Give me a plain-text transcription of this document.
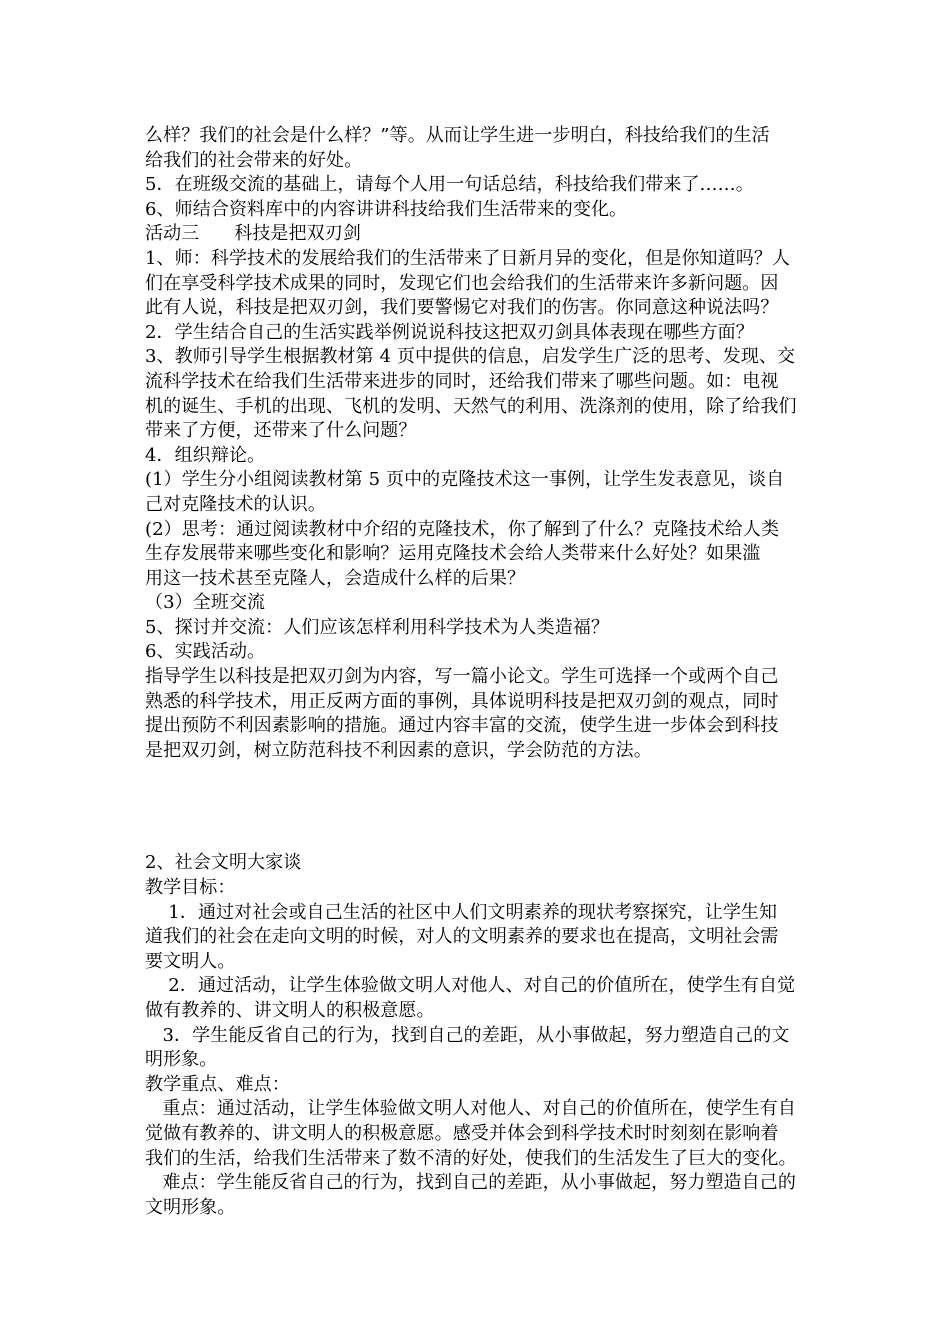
么样？我们的社会是什么样？”等。从而让学生进一步明白，科技给我们的生活
给我们的社会带来的好处。
5．在班级交流的基础上，请每个人用一句话总结，科技给我们带来了……。
6、师结合资料库中的内容讲讲科技给我们生活带来的变化。
活动三      科技是把双刃剑
1、师：科学技术的发展给我们的生活带来了日新月异的变化，但是你知道吗？人
们在享受科学技术成果的同时，发现它们也会给我们的生活带来许多新问题。因
此有人说，科技是把双刃剑，我们要警惕它对我们的伤害。你同意这种说法吗？
2．学生结合自己的生活实践举例说说科技这把双刃剑具体表现在哪些方面？
3、教师引导学生根据教材第 4 页中提供的信息，启发学生广泛的思考、发现、交
流科学技术在给我们生活带来进步的同时，还给我们带来了哪些问题。如：电视
机的诞生、手机的出现、飞机的发明、天然气的利用、洗涤剂的使用，除了给我们
带来了方便，还带来了什么问题？
4．组织辩论。
(1）学生分小组阅读教材第 5 页中的克隆技术这一事例，让学生发表意见，谈自
己对克隆技术的认识。
(2）思考：通过阅读教材中介绍的克隆技术，你了解到了什么？克隆技术给人类
生存发展带来哪些变化和影响？运用克隆技术会给人类带来什么好处？如果滥
用这一技术甚至克隆人，会造成什么样的后果？
（3）全班交流
5、探讨并交流：人们应该怎样利用科学技术为人类造福？
6、实践活动。
指导学生以科技是把双刃剑为内容，写一篇小论文。学生可选择一个或两个自己
熟悉的科学技术，用正反两方面的事例，具体说明科技是把双刃剑的观点，同时
提出预防不利因素影响的措施。通过内容丰富的交流，使学生进一步体会到科技
是把双刃剑，树立防范科技不利因素的意识，学会防范的方法。
2、社会文明大家谈
教学目标：
1．通过对社会或自己生活的社区中人们文明素养的现状考察探究，让学生知
道我们的社会在走向文明的时候，对人的文明素养的要求也在提高，文明社会需
要文明人。
2．通过活动，让学生体验做文明人对他人、对自己的价值所在，使学生有自觉
做有教养的、讲文明人的积极意愿。
3．学生能反省自己的行为，找到自己的差距，从小事做起，努力塑造自己的文
明形象。
教学重点、难点：
重点：通过活动，让学生体验做文明人对他人、对自己的价值所在，使学生有自
觉做有教养的、讲文明人的积极意愿。感受并体会到科学技术时时刻刻在影响着
我们的生活，给我们生活带来了数不清的好处，使我们的生活发生了巨大的变化。
难点：学生能反省自己的行为，找到自己的差距，从小事做起，努力塑造自己的
文明形象。
